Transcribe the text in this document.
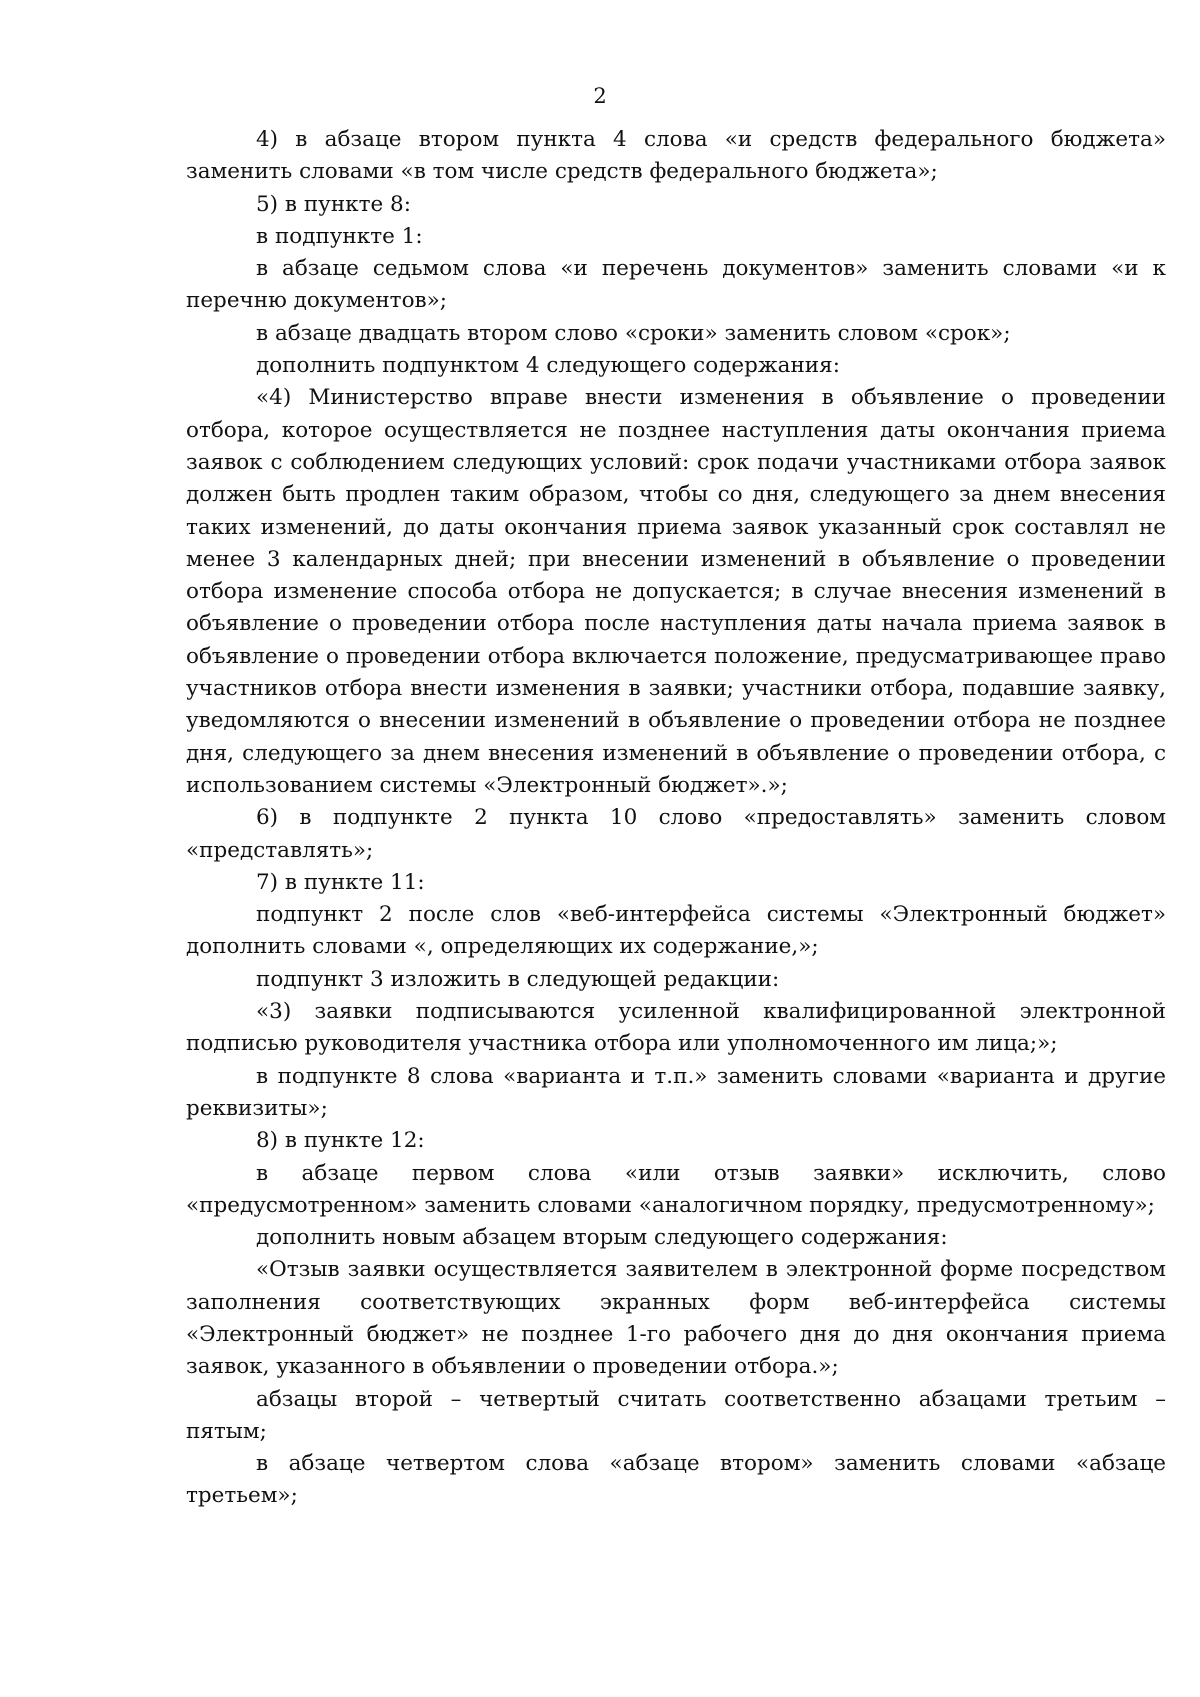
2

4) в абзаце втором пункта 4 слова «и средств федерального бюджета» заменить словами «в том числе средств федерального бюджета»;

5) в пункте 8:

в подпункте 1:

в абзаце седьмом слова «и перечень документов» заменить словами «и к перечню документов»;

в абзаце двадцать втором слово «сроки» заменить словом «срок»;

дополнить подпунктом 4 следующего содержания:

«4) Министерство вправе внести изменения в объявление о проведении отбора, которое осуществляется не позднее наступления даты окончания приема заявок с соблюдением следующих условий: срок подачи участниками отбора заявок должен быть продлен таким образом, чтобы со дня, следующего за днем внесения таких изменений, до даты окончания приема заявок указанный срок составлял не менее 3 календарных дней; при внесении изменений в объявление о проведении отбора изменение способа отбора не допускается; в случае внесения изменений в объявление о проведении отбора после наступления даты начала приема заявок в объявление о проведении отбора включается положение, предусматривающее право участников отбора внести изменения в заявки; участники отбора, подавшие заявку, уведомляются о внесении изменений в объявление о проведении отбора не позднее дня, следующего за днем внесения изменений в объявление о проведении отбора, с использованием системы «Электронный бюджет».»;

6) в подпункте 2 пункта 10 слово «предоставлять» заменить словом «представлять»;

7) в пункте 11:

подпункт 2 после слов «веб-интерфейса системы «Электронный бюджет» дополнить словами «, определяющих их содержание,»;

подпункт 3 изложить в следующей редакции:

«3) заявки подписываются усиленной квалифицированной электронной подписью руководителя участника отбора или уполномоченного им лица;»;

в подпункте 8 слова «варианта и т.п.» заменить словами «варианта и другие реквизиты»;

8) в пункте 12:

в абзаце первом слова «или отзыв заявки» исключить, слово «предусмотренном» заменить словами «аналогичном порядку, предусмотренному»;

дополнить новым абзацем вторым следующего содержания:

«Отзыв заявки осуществляется заявителем в электронной форме посредством заполнения соответствующих экранных форм веб-интерфейса системы «Электронный бюджет» не позднее 1-го рабочего дня до дня окончания приема заявок, указанного в объявлении о проведении отбора.»;

абзацы второй – четвертый считать соответственно абзацами третьим – пятым;

в абзаце четвертом слова «абзаце втором» заменить словами «абзаце третьем»;
